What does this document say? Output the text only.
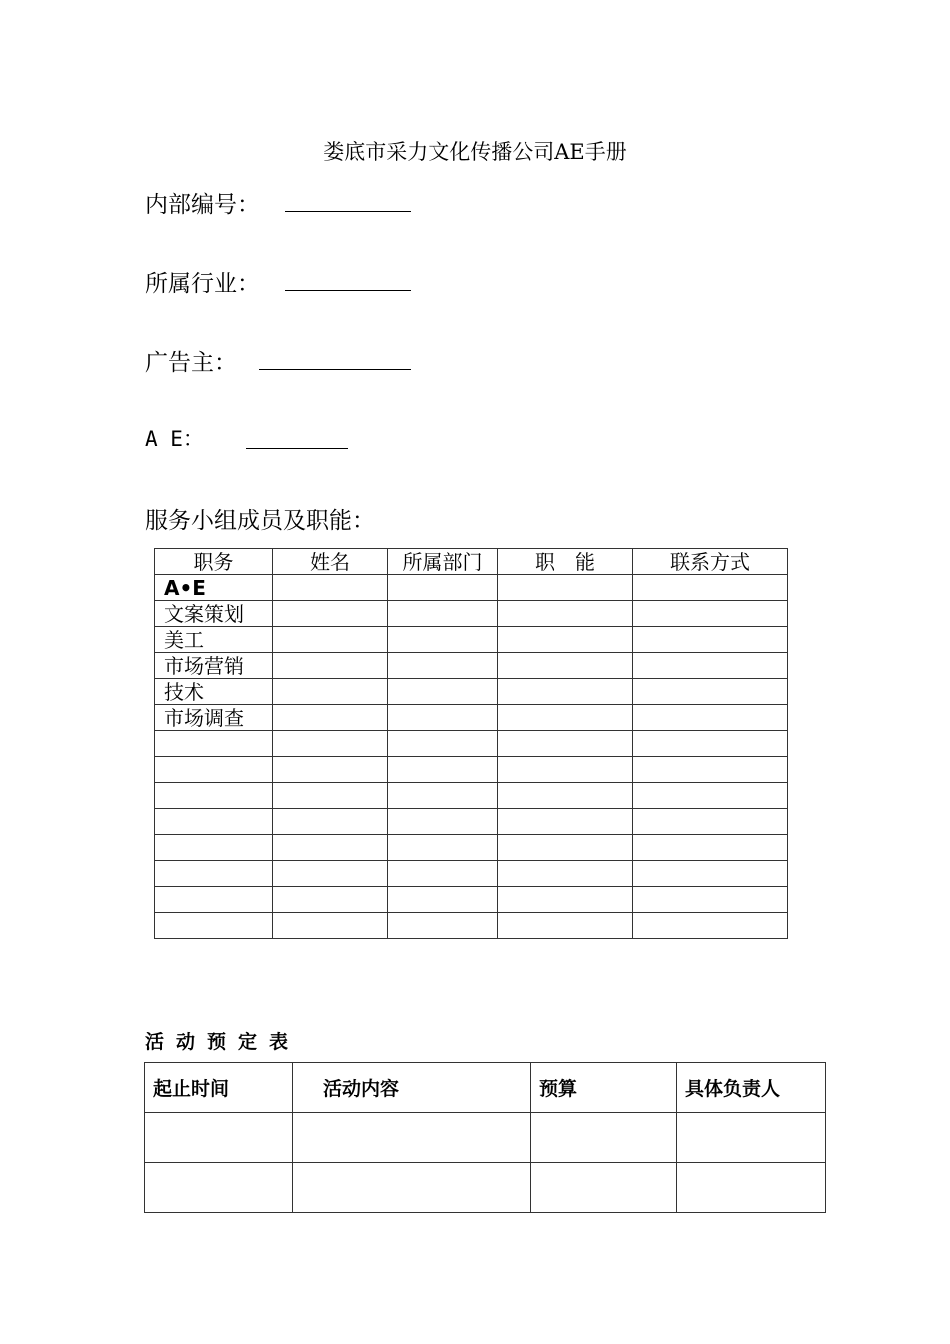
娄底市采力文化传播公司AE手册
内部编号：
所属行业：
广告主：
A E：
服务小组成员及职能：
职务	姓名	所属部门	职　能	联系方式
A•E				
文案策划				
美工				
市场营销				
技术				
市场调查				

活动预定表
起止时间	活动内容	预算	具体负责人
